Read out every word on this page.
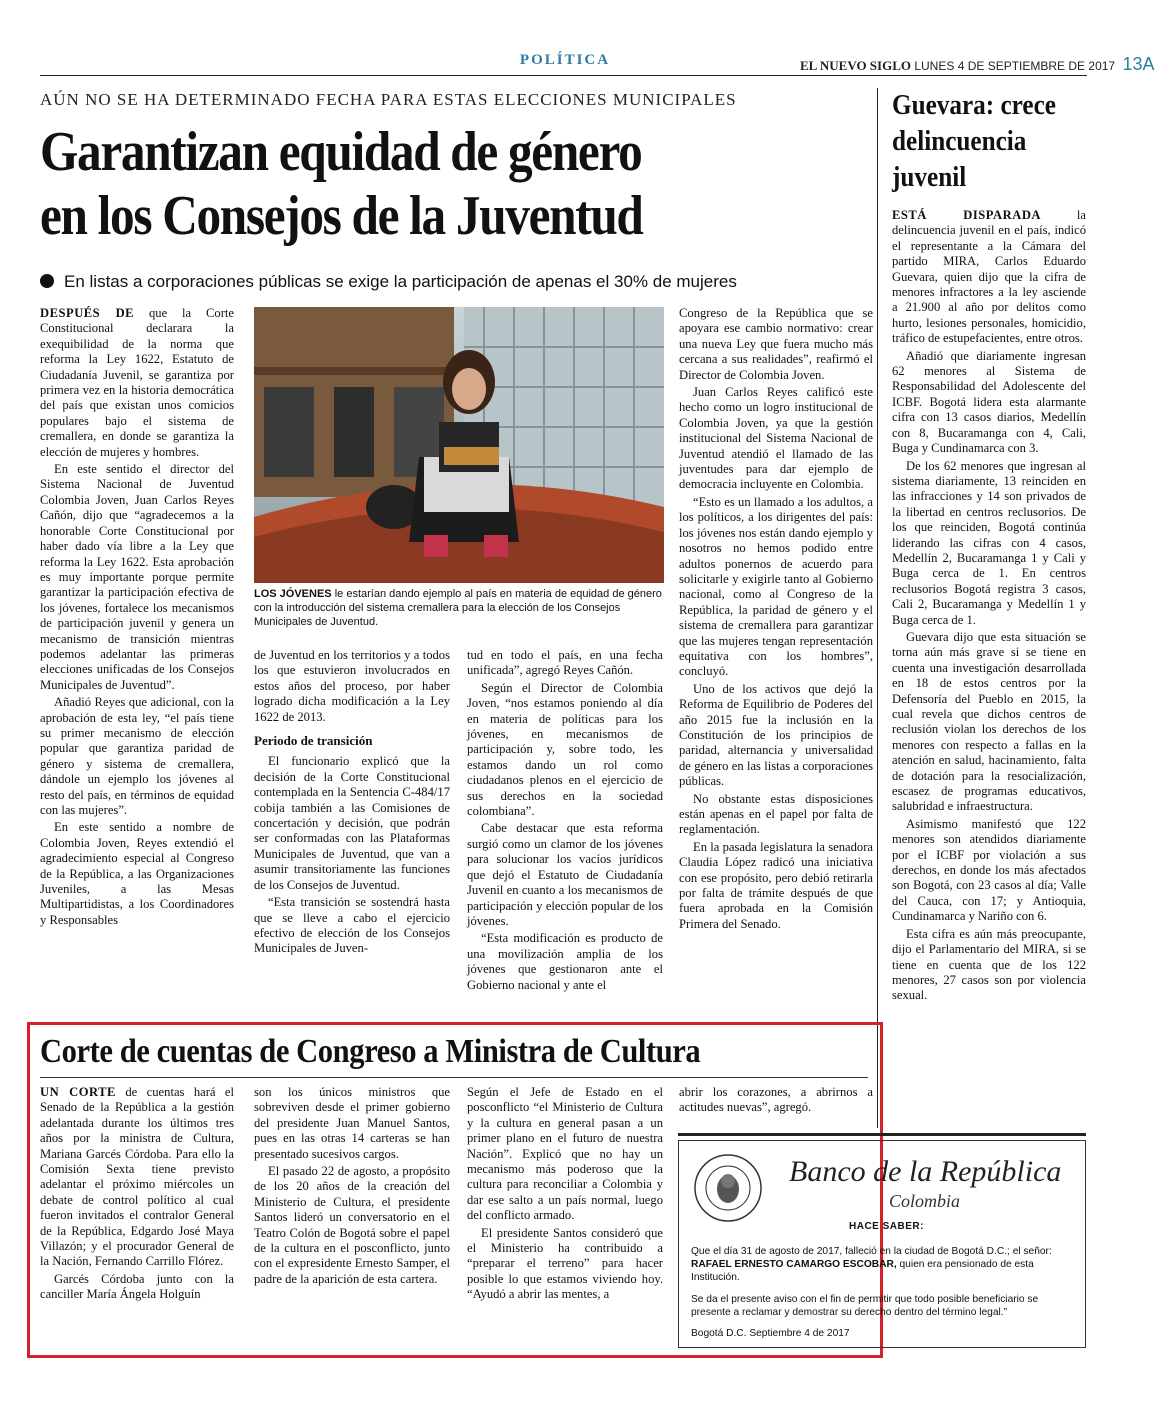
POLÍTICA	EL NUEVO SIGLO LUNES 4 DE SEPTIEMBRE DE 2017 13A
AÚN NO SE HA DETERMINADO FECHA PARA ESTAS ELECCIONES MUNICIPALES
Garantizan equidad de género
en los Consejos de la Juventud
En listas a corporaciones públicas se exige la participación de apenas el 30% de mujeres

DESPUÉS DE que la Corte Constitucional declarara la exequibilidad de la norma que reforma la Ley 1622, Estatuto de Ciudadanía Juvenil, se garantiza por primera vez en la historia democrática del país que existan unos comicios populares bajo el sistema de cremallera, en donde se garantiza la elección de mujeres y hombres.

En este sentido el director del Sistema Nacional de Juventud Colombia Joven, Juan Carlos Reyes Cañón, dijo que “agradecemos a la honorable Corte Constitucional por haber dado vía libre a la Ley que reforma la Ley 1622. Esta aprobación es muy importante porque permite garantizar la participación efectiva de los jóvenes, fortalece los mecanismos de participación juvenil y genera un mecanismo de transición mientras podemos adelantar las primeras elecciones unificadas de los Consejos Municipales de Juventud”.

Añadió Reyes que adicional, con la aprobación de esta ley, “el país tiene su primer mecanismo de elección popular que garantiza paridad de género y sistema de cremallera, dándole un ejemplo los jóvenes al resto del país, en términos de equidad con las mujeres”.

En este sentido a nombre de Colombia Joven, Reyes extendió el agradecimiento especial al Congreso de la República, a las Organizaciones Juveniles, a las Mesas Multipartidistas, a los Coordinadores y Responsables

LOS JÓVENES le estarían dando ejemplo al país en materia de equidad de género con la introducción del sistema cremallera para la elección de los Consejos Municipales de Juventud.

de Juventud en los territorios y a todos los que estuvieron involucrados en estos años del proceso, por haber logrado dicha modificación a la Ley 1622 de 2013.

Periodo de transición

El funcionario explicó que la decisión de la Corte Constitucional contemplada en la Sentencia C-484/17 cobija también a las Comisiones de concertación y decisión, que podrán ser conformadas con las Plataformas Municipales de Juventud, que van a asumir transitoriamente las funciones de los Consejos de Juventud.

“Esta transición se sostendrá hasta que se lleve a cabo el ejercicio efectivo de elección de los Consejos Municipales de Juven-

tud en todo el país, en una fecha unificada”, agregó Reyes Cañón.

Según el Director de Colombia Joven, “nos estamos poniendo al día en materia de políticas para los jóvenes, en mecanismos de participación y, sobre todo, les estamos dando un rol como ciudadanos plenos en el ejercicio de sus derechos en la sociedad colombiana”.

Cabe destacar que esta reforma surgió como un clamor de los jóvenes para solucionar los vacíos jurídicos que dejó el Estatuto de Ciudadanía Juvenil en cuanto a los mecanismos de participación y elección popular de los jóvenes.

“Esta modificación es producto de una movilización amplia de los jóvenes que gestionaron ante el Gobierno nacional y ante el

Congreso de la República que se apoyara ese cambio normativo: crear una nueva Ley que fuera mucho más cercana a sus realidades”, reafirmó el Director de Colombia Joven.

Juan Carlos Reyes calificó este hecho como un logro institucional de Colombia Joven, ya que la gestión institucional del Sistema Nacional de Juventud atendió el llamado de las juventudes para dar ejemplo de democracia incluyente en Colombia.

“Esto es un llamado a los adultos, a los políticos, a los dirigentes del país: los jóvenes nos están dando ejemplo y nosotros no hemos podido entre adultos ponernos de acuerdo para solicitarle y exigirle tanto al Gobierno nacional, como al Congreso de la República, la paridad de género y el sistema de cremallera para garantizar que las mujeres tengan representación equitativa con los hombres”, concluyó.

Uno de los activos que dejó la Reforma de Equilibrio de Poderes del año 2015 fue la inclusión en la Constitución de los principios de paridad, alternancia y universalidad de género en las listas a corporaciones públicas.

No obstante estas disposiciones están apenas en el papel por falta de reglamentación.

En la pasada legislatura la senadora Claudia López radicó una iniciativa con ese propósito, pero debió retirarla por falta de trámite después de que fuera aprobada en la Comisión Primera del Senado.

Guevara: crece delincuencia juvenil

ESTÁ DISPARADA	la delincuencia juvenil en el país, indicó el representante a la Cámara del partido MIRA, Carlos Eduardo Guevara, quien dijo que la cifra de menores infractores a la ley asciende a 21.900 al año por delitos como hurto, lesiones personales, homicidio, tráfico de estupefacientes, entre otros.

Añadió que diariamente ingresan 62 menores al Sistema de Responsabilidad del Adolescente del ICBF. Bogotá lidera esta alarmante cifra con 13 casos diarios, Medellín con 8, Bucaramanga con 4, Cali, Buga y Cundinamarca con 3.

De los 62 menores que ingresan al sistema diariamente, 13 reinciden en las infracciones y 14 son privados de la libertad en centros reclusorios. De los que reinciden, Bogotá continúa liderando las cifras con 4 casos, Medellín 2, Bucaramanga 1 y Cali y Buga cerca de 1. En centros reclusorios Bogotá registra 3 casos, Cali 2, Bucaramanga y Medellín 1 y Buga cerca de 1.

Guevara dijo que esta situación se torna aún más grave si se tiene en cuenta una investigación desarrollada en 18 de estos centros por la Defensoría del Pueblo en 2015, la cual revela que dichos centros de reclusión violan los derechos de los menores con respecto a fallas en la atención en salud, hacinamiento, falta de dotación para la resocialización, escasez de programas educativos, salubridad e infraestructura.

Asimismo manifestó que 122 menores son atendidos diariamente por el ICBF por violación a sus derechos, en donde los más afectados son Bogotá, con 23 casos al día; Valle del Cauca, con 17; y Antioquia, Cundinamarca y Nariño con 6.

Esta cifra es aún más preocupante, dijo el Parlamentario del MIRA, si se tiene en cuenta que de los 122 menores, 27 casos son por violencia sexual.

Corte de cuentas de Congreso a Ministra de Cultura

UN CORTE de cuentas hará el Senado de la República a la gestión adelantada durante los últimos tres años por la ministra de Cultura, Mariana Garcés Córdoba. Para ello la Comisión Sexta tiene previsto adelantar el próximo miércoles un debate de control político al cual fueron invitados el contralor General de la República, Edgardo José Maya Villazón; y el procurador General de la Nación, Fernando Carrillo Flórez.

Garcés Córdoba junto con la canciller María Ángela Holguín

son los únicos ministros que sobreviven desde el primer gobierno del presidente Juan Manuel Santos, pues en las otras 14 carteras se han presentado sucesivos cargos.

El pasado 22 de agosto, a propósito de los 20 años de la creación del Ministerio de Cultura, el presidente Santos lideró un conversatorio en el Teatro Colón de Bogotá sobre el papel de la cultura en el posconflicto, junto con el expresidente Ernesto Samper, el padre de la aparición de esta cartera.

Según el Jefe de Estado en el posconflicto “el Ministerio de Cultura y la cultura en general pasan a un primer plano en el futuro de nuestra Nación”. Explicó que no hay un mecanismo más poderoso que la cultura para reconciliar a Colombia y dar ese salto a un país normal, luego del conflicto armado.

El presidente Santos consideró que el Ministerio ha contribuido a “preparar el terreno” para hacer posible lo que estamos viviendo hoy. “Ayudó a abrir las mentes, a

abrir los corazones, a abrirnos a actitudes nuevas”, agregó.

Banco de la República
Colombia
HACE SABER:
Que el día 31 de agosto de 2017, falleció en la ciudad de Bogotá D.C.; el señor:
RAFAEL ERNESTO CAMARGO ESCOBAR, quien era pensionado de esta Institución.
Se da el presente aviso con el fin de permitir que todo posible beneficiario se presente a reclamar y demostrar su derecho dentro del término legal.”
Bogotá D.C. Septiembre 4 de 2017
